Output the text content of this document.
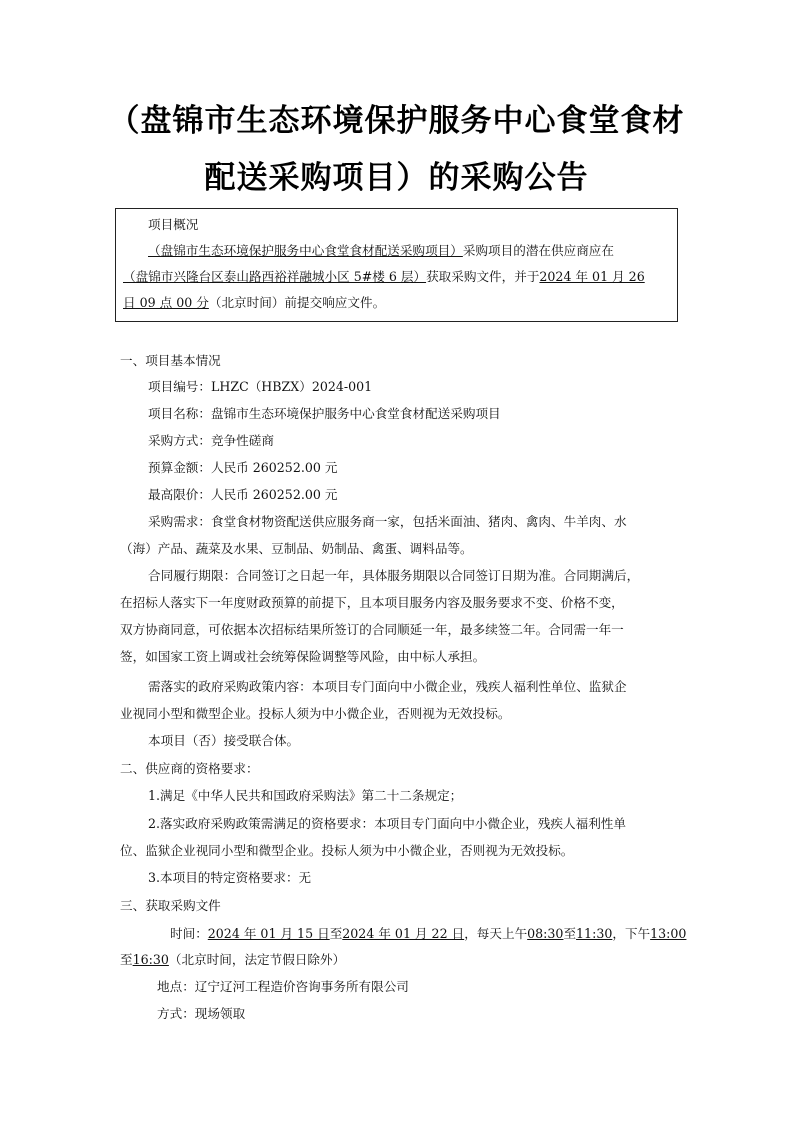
（盘锦市生态环境保护服务中心食堂食材
配送采购项目）的采购公告
项目概况
（盘锦市生态环境保护服务中心食堂食材配送采购项目）采购项目的潜在供应商应在
（盘锦市兴隆台区泰山路西裕祥融城小区 5#楼 6 层）获取采购文件，并于2024 年 01 月 26
日 09 点 00 分（北京时间）前提交响应文件。
一、项目基本情况
项目编号：LHZC（HBZX）2024-001
项目名称：盘锦市生态环境保护服务中心食堂食材配送采购项目
采购方式：竞争性磋商
预算金额：人民币 260252.00 元
最高限价：人民币 260252.00 元
采购需求：食堂食材物资配送供应服务商一家，包括米面油、猪肉、禽肉、牛羊肉、水
（海）产品、蔬菜及水果、豆制品、奶制品、禽蛋、调料品等。
合同履行期限：合同签订之日起一年，具体服务期限以合同签订日期为准。合同期满后，
在招标人落实下一年度财政预算的前提下，且本项目服务内容及服务要求不变、价格不变，
双方协商同意，可依据本次招标结果所签订的合同顺延一年，最多续签二年。合同需一年一
签，如国家工资上调或社会统筹保险调整等风险，由中标人承担。
需落实的政府采购政策内容：本项目专门面向中小微企业，残疾人福利性单位、监狱企
业视同小型和微型企业。投标人须为中小微企业，否则视为无效投标。
本项目（否）接受联合体。
二、供应商的资格要求：
1.满足《中华人民共和国政府采购法》第二十二条规定；
2.落实政府采购政策需满足的资格要求：本项目专门面向中小微企业，残疾人福利性单
位、监狱企业视同小型和微型企业。投标人须为中小微企业，否则视为无效投标。
3.本项目的特定资格要求：无
三、获取采购文件
时间：2024 年 01 月 15 日至2024 年 01 月 22 日，每天上午08:30至11:30，下午13:00
至16:30（北京时间，法定节假日除外）
地点：辽宁辽河工程造价咨询事务所有限公司
方式：现场领取
